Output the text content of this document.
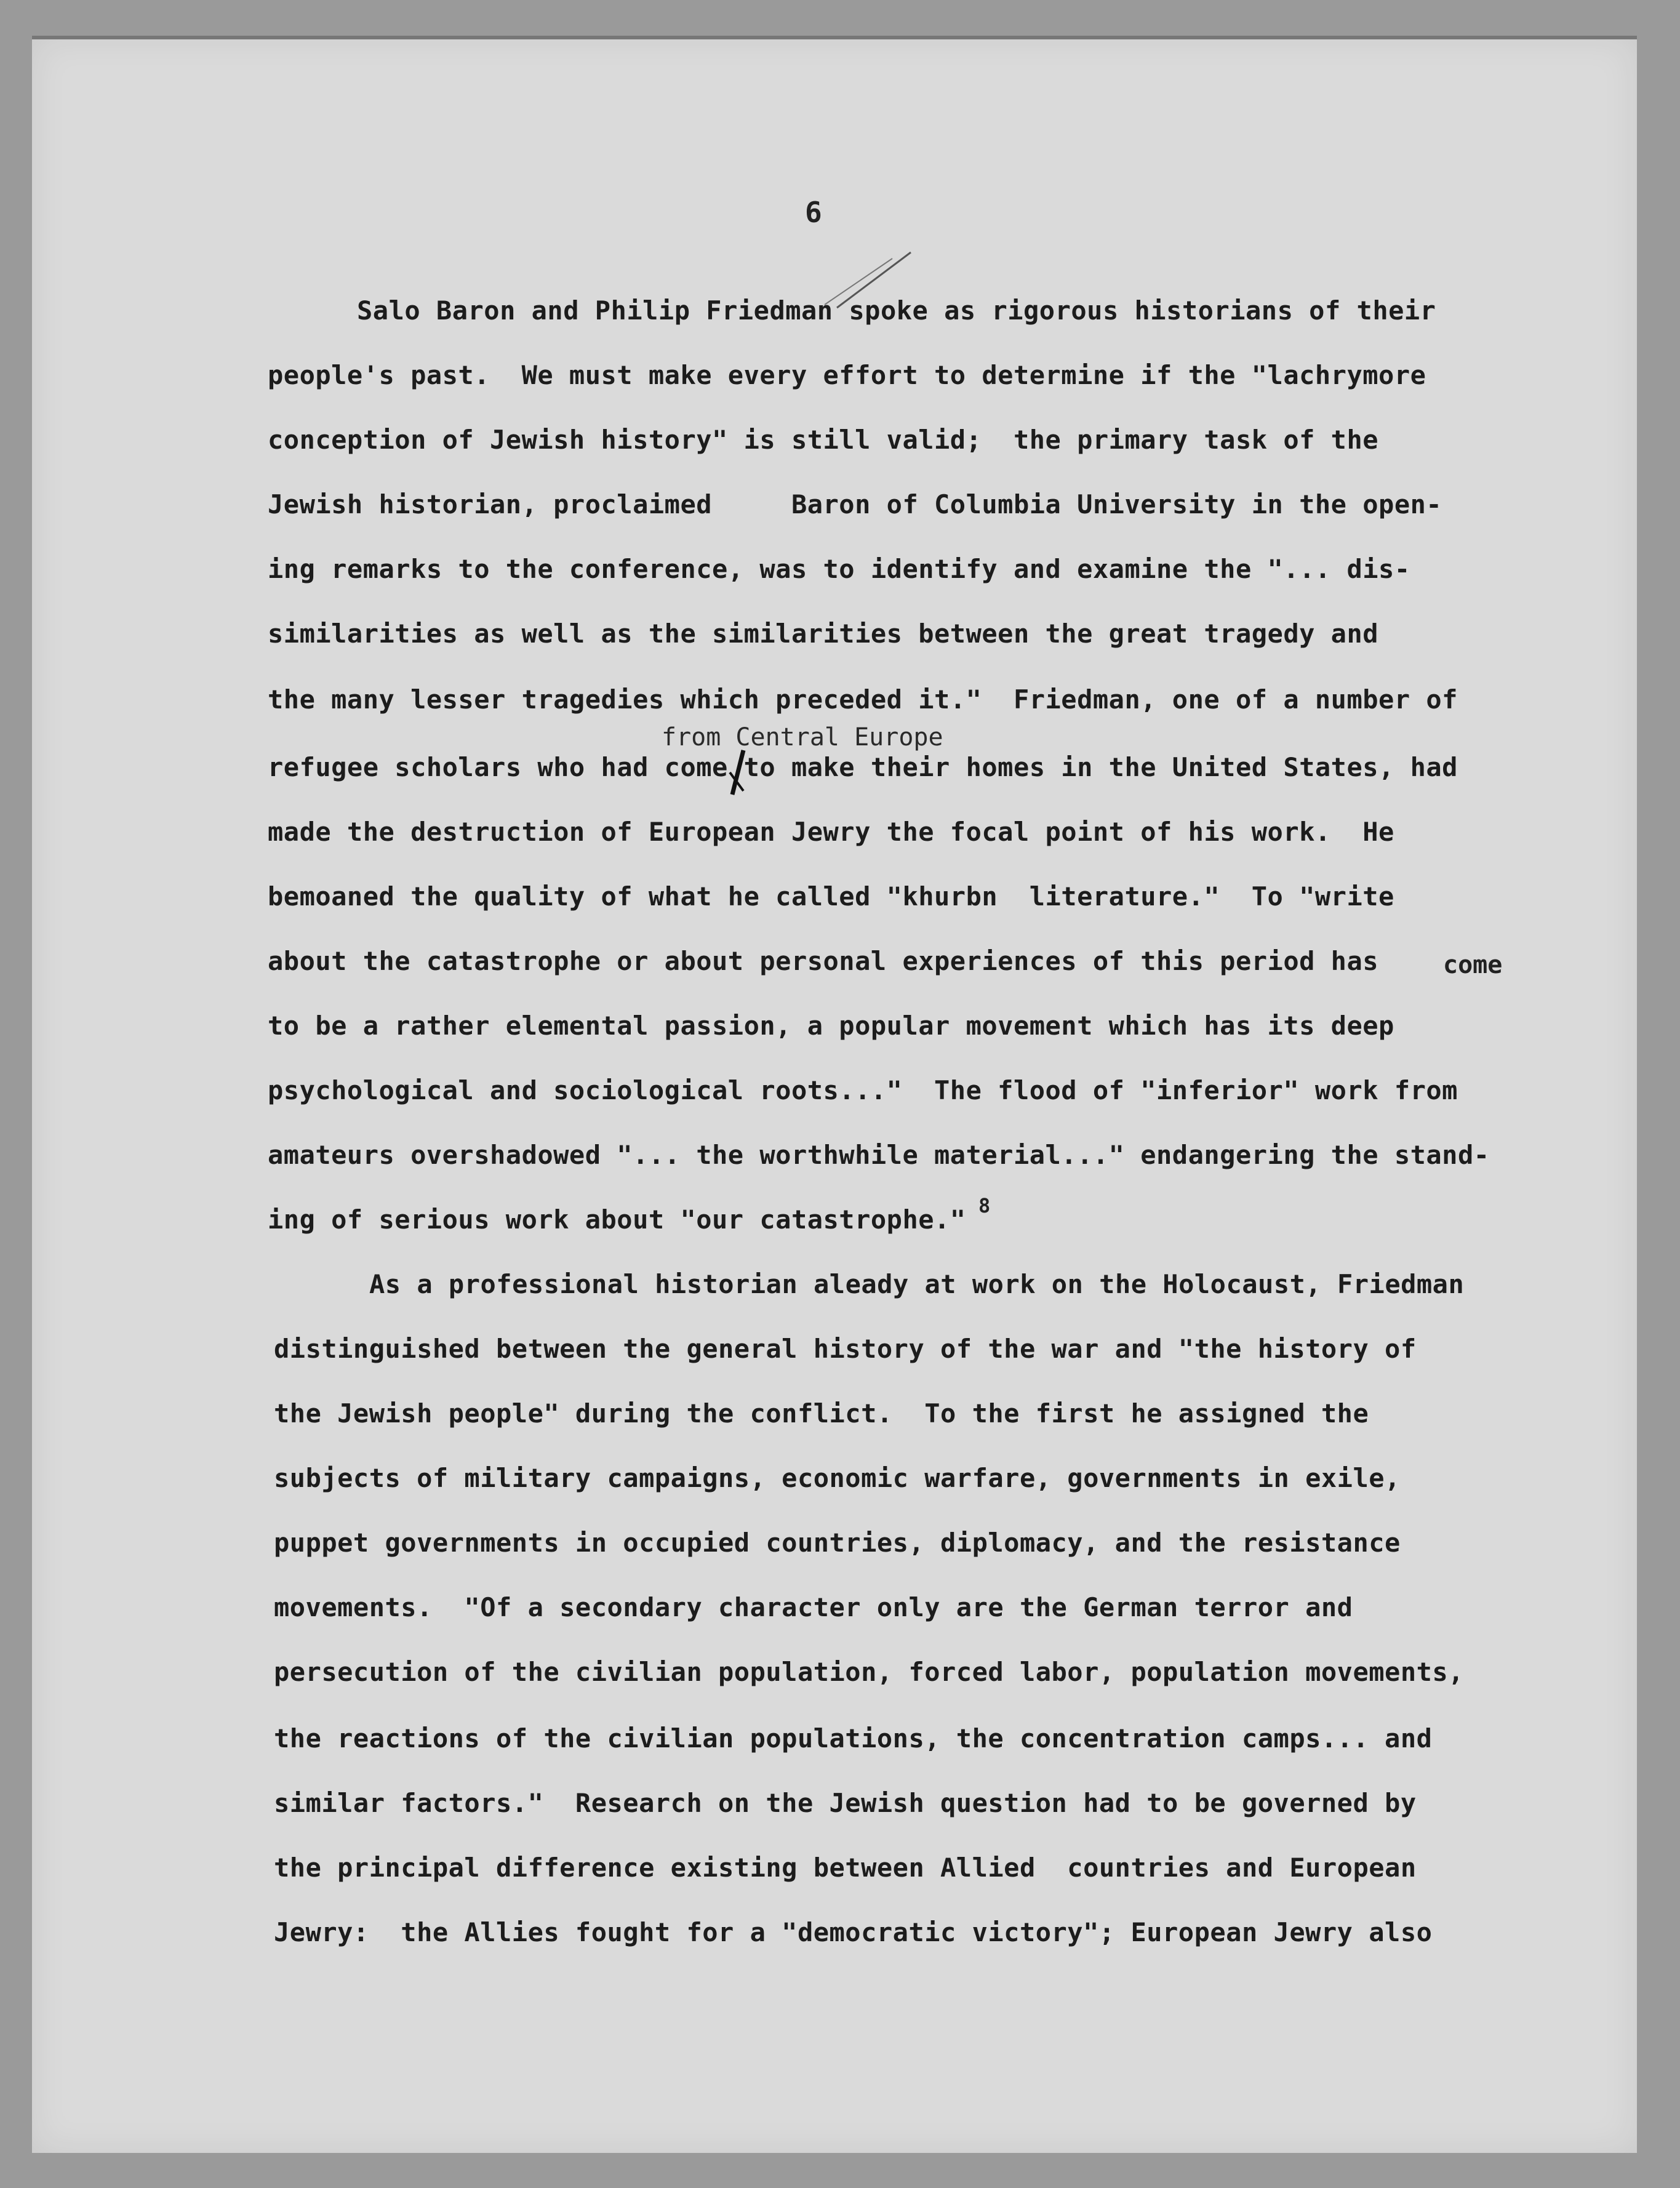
6
from Central Europe
come
Salo Baron and Philip Friedman spoke as rigorous historians of their
people's past.  We must make every effort to determine if the "lachrymore
conception of Jewish history" is still valid;  the primary task of the
Jewish historian, proclaimed     Baron of Columbia University in the open-
ing remarks to the conference, was to identify and examine the "... dis-
similarities as well as the similarities between the great tragedy and
the many lesser tragedies which preceded it."  Friedman, one of a number of
refugee scholars who had come to make their homes in the United States, had
made the destruction of European Jewry the focal point of his work.  He
bemoaned the quality of what he called "khurbn  literature."  To "write
about the catastrophe or about personal experiences of this period has
to be a rather elemental passion, a popular movement which has its deep
psychological and sociological roots..."  The flood of "inferior" work from
amateurs overshadowed "... the worthwhile material..." endangering the stand-
ing of serious work about "our catastrophe."
As a professional historian aleady at work on the Holocaust, Friedman
distinguished between the general history of the war and "the history of
the Jewish people" during the conflict.  To the first he assigned the
subjects of military campaigns, economic warfare, governments in exile,
puppet governments in occupied countries, diplomacy, and the resistance
movements.  "Of a secondary character only are the German terror and
persecution of the civilian population, forced labor, population movements,
the reactions of the civilian populations, the concentration camps... and
similar factors."  Research on the Jewish question had to be governed by
the principal difference existing between Allied  countries and European
Jewry:  the Allies fought for a "democratic victory"; European Jewry also
8
